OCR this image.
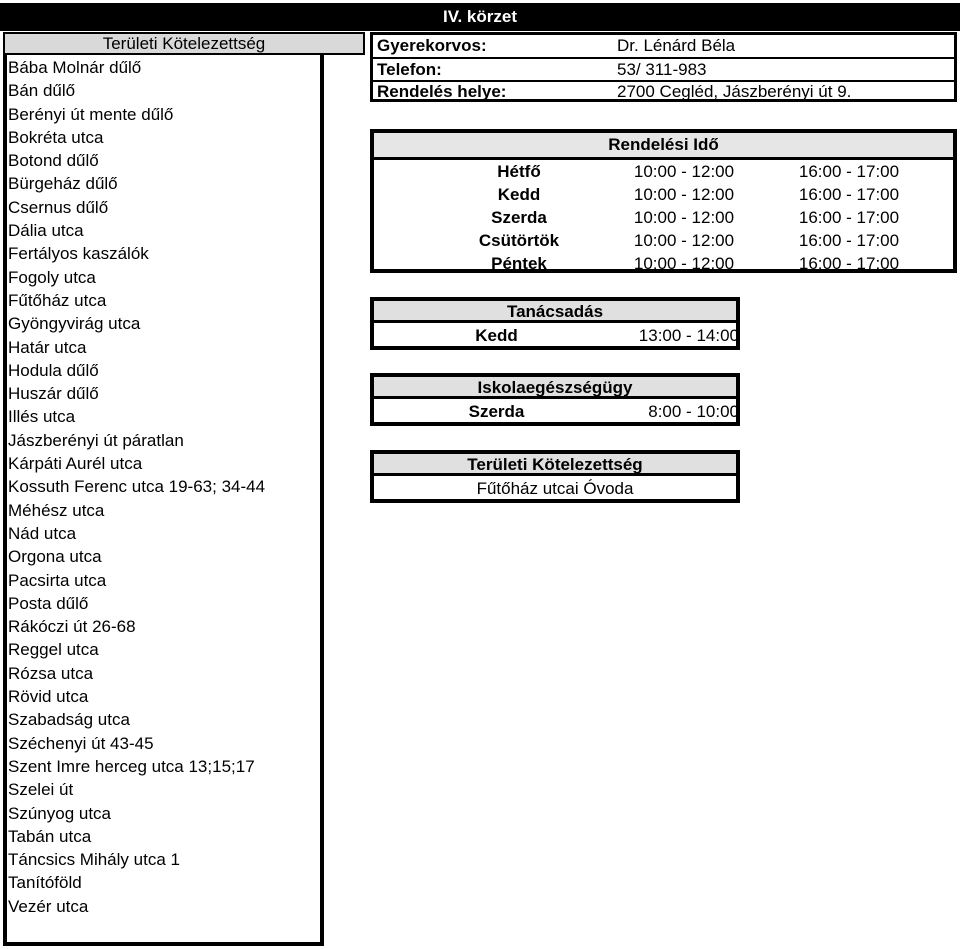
IV. körzet
Területi Kötelezettség
Bába Molnár dűlő
Bán dűlő
Berényi út mente dűlő
Bokréta utca
Botond dűlő
Bürgeház dűlő
Csernus dűlő
Dália utca
Fertályos kaszálók
Fogoly utca
Fűtőház utca
Gyöngyvirág utca
Határ utca
Hodula dűlő
Huszár dűlő
Illés utca
Jászberényi út páratlan
Kárpáti Aurél utca
Kossuth Ferenc utca 19-63; 34-44
Méhész utca
Nád utca
Orgona utca
Pacsirta utca
Posta dűlő
Rákóczi út 26-68
Reggel utca
Rózsa utca
Rövid utca
Szabadság utca
Széchenyi út 43-45
Szent Imre herceg utca 13;15;17
Szelei út
Szúnyog utca
Tabán utca
Táncsics Mihály utca 1
Tanítóföld
Vezér utca
Gyerekorvos:	Dr. Lénárd Béla
Telefon:	53/ 311-983
Rendelés helye:	2700 Cegléd, Jászberényi út 9.
Rendelési Idő
Hétfő	10:00 - 12:00	16:00 - 17:00
Kedd	10:00 - 12:00	16:00 - 17:00
Szerda	10:00 - 12:00	16:00 - 17:00
Csütörtök	10:00 - 12:00	16:00 - 17:00
Péntek	10:00 - 12:00	16:00 - 17:00
Tanácsadás
Kedd	13:00 - 14:00
Iskolaegészségügy
Szerda	8:00 - 10:00
Területi Kötelezettség
Fűtőház utcai Óvoda
